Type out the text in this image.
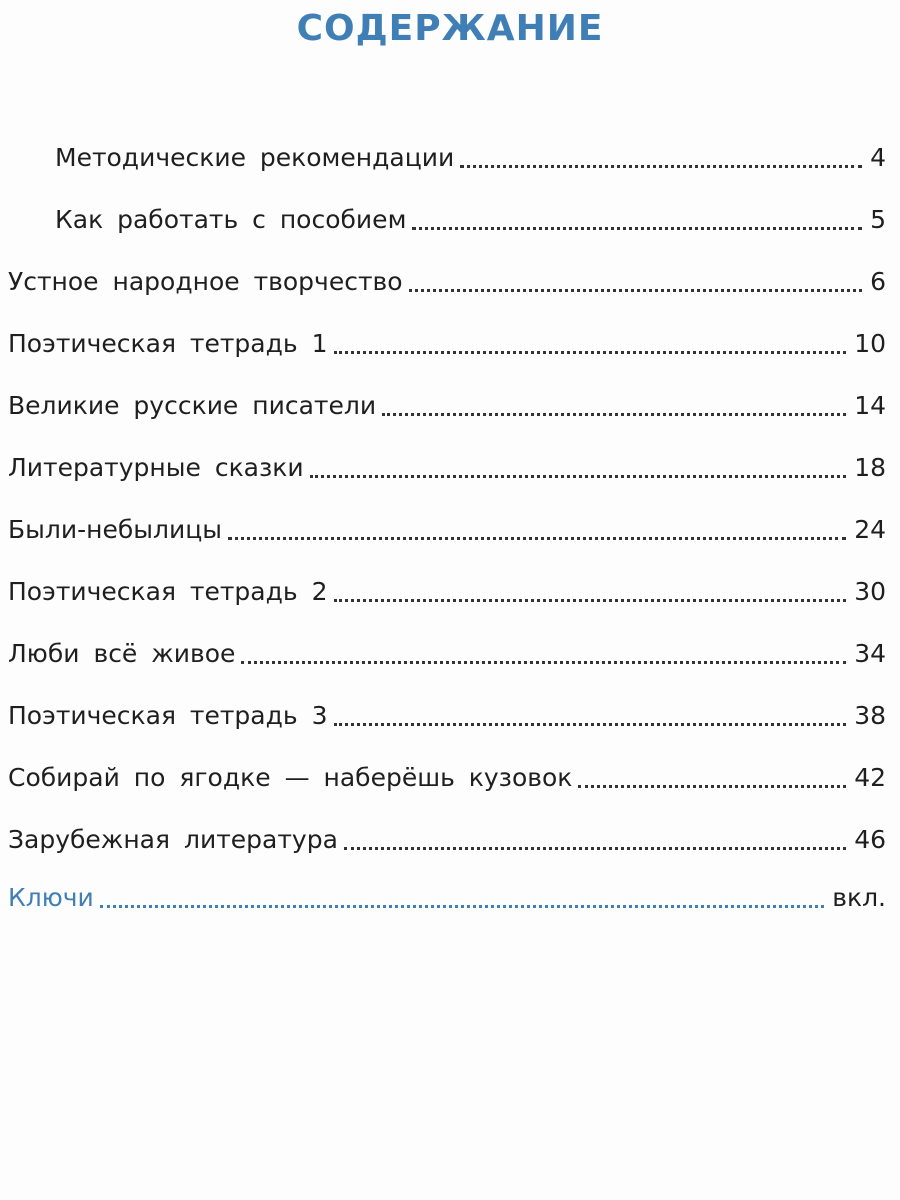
СОДЕРЖАНИЕ
Методические рекомендации	4
Как работать с пособием	5
Устное народное творчество	6
Поэтическая тетрадь 1	10
Великие русские писатели	14
Литературные сказки	18
Были-небылицы	24
Поэтическая тетрадь 2	30
Люби всё живое	34
Поэтическая тетрадь 3	38
Собирай по ягодке — наберёшь кузовок	42
Зарубежная литература	46
Ключи	вкл.
